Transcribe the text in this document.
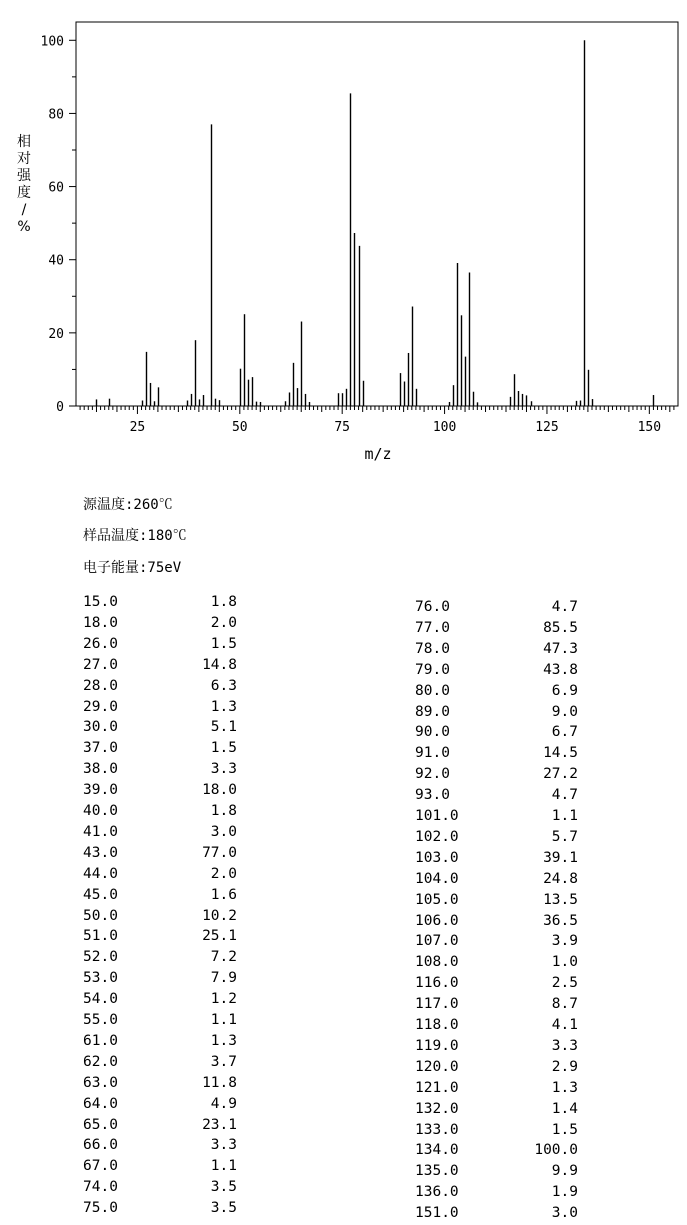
相
对
强
度
/
%
0
20
40
60
80
100
25	50	75	100	125	150
m/z
源温度:260℃
样品温度:180℃
电子能量:75eV
15.0	1.8
18.0	2.0
26.0	1.5
27.0	14.8
28.0	6.3
29.0	1.3
30.0	5.1
37.0	1.5
38.0	3.3
39.0	18.0
40.0	1.8
41.0	3.0
43.0	77.0
44.0	2.0
45.0	1.6
50.0	10.2
51.0	25.1
52.0	7.2
53.0	7.9
54.0	1.2
55.0	1.1
61.0	1.3
62.0	3.7
63.0	11.8
64.0	4.9
65.0	23.1
66.0	3.3
67.0	1.1
74.0	3.5
75.0	3.5
76.0	4.7
77.0	85.5
78.0	47.3
79.0	43.8
80.0	6.9
89.0	9.0
90.0	6.7
91.0	14.5
92.0	27.2
93.0	4.7
101.0	1.1
102.0	5.7
103.0	39.1
104.0	24.8
105.0	13.5
106.0	36.5
107.0	3.9
108.0	1.0
116.0	2.5
117.0	8.7
118.0	4.1
119.0	3.3
120.0	2.9
121.0	1.3
132.0	1.4
133.0	1.5
134.0	100.0
135.0	9.9
136.0	1.9
151.0	3.0
